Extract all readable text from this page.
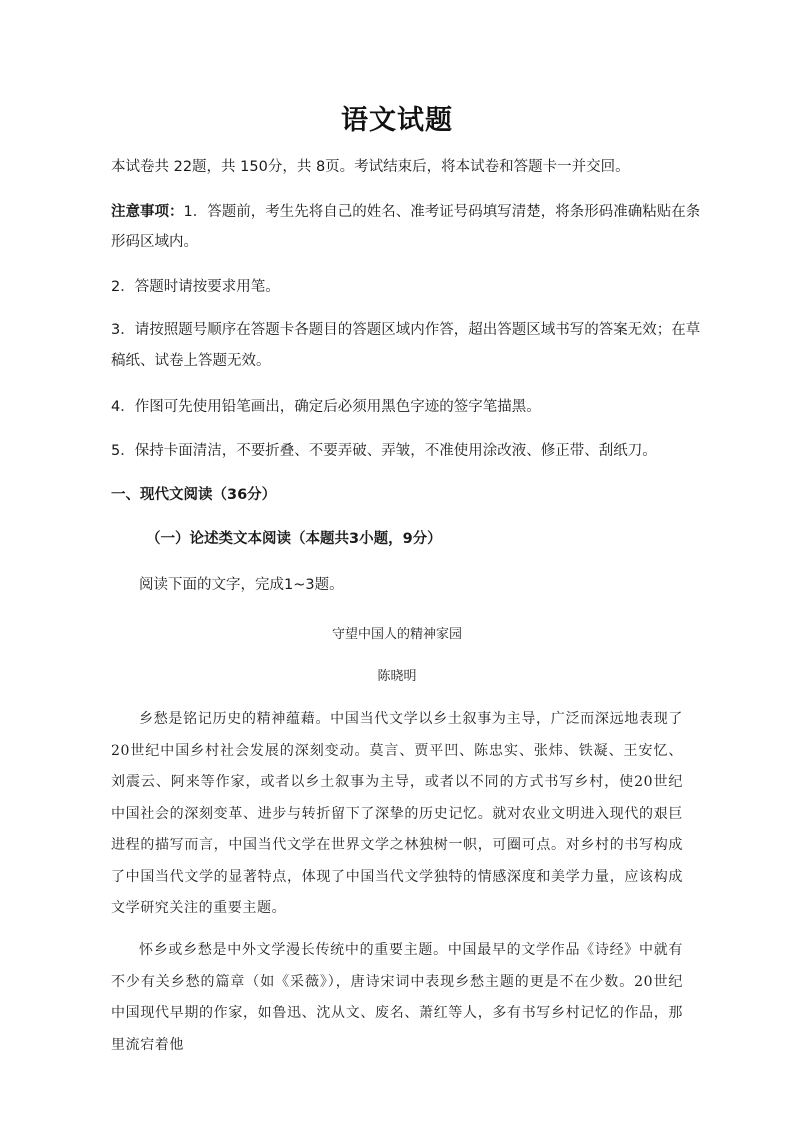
语文试题
本试卷共 22题，共 150分，共 8页。考试结束后，将本试卷和答题卡一并交回。
注意事项：1．答题前，考生先将自己的姓名、准考证号码填写清楚，将条形码准确粘贴在条
形码区域内。
2．答题时请按要求用笔。
3．请按照题号顺序在答题卡各题目的答题区域内作答，超出答题区域书写的答案无效；在草
稿纸、试卷上答题无效。
4．作图可先使用铅笔画出，确定后必须用黑色字迹的签字笔描黑。
5．保持卡面清洁，不要折叠、不要弄破、弄皱，不准使用涂改液、修正带、刮纸刀。
一、现代文阅读（36分）
（一）论述类文本阅读（本题共3小题，9分）
阅读下面的文字，完成1~3题。
守望中国人的精神家园
陈晓明
乡愁是铭记历史的精神蕴藉。中国当代文学以乡土叙事为主导，广泛而深远地表现了20世纪中国乡村社会发展的深刻变动。莫言、贾平凹、陈忠实、张炜、铁凝、王安忆、刘震云、阿来等作家，或者以乡土叙事为主导，或者以不同的方式书写乡村，使20世纪中国社会的深刻变革、进步与转折留下了深挚的历史记忆。就对农业文明进入现代的艰巨进程的描写而言，中国当代文学在世界文学之林独树一帜，可圈可点。对乡村的书写构成了中国当代文学的显著特点，体现了中国当代文学独特的情感深度和美学力量，应该构成文学研究关注的重要主题。
怀乡或乡愁是中外文学漫长传统中的重要主题。中国最早的文学作品《诗经》中就有不少有关乡愁的篇章（如《采薇》），唐诗宋词中表现乡愁主题的更是不在少数。20世纪中国现代早期的作家，如鲁迅、沈从文、废名、萧红等人，多有书写乡村记忆的作品，那里流宕着他
